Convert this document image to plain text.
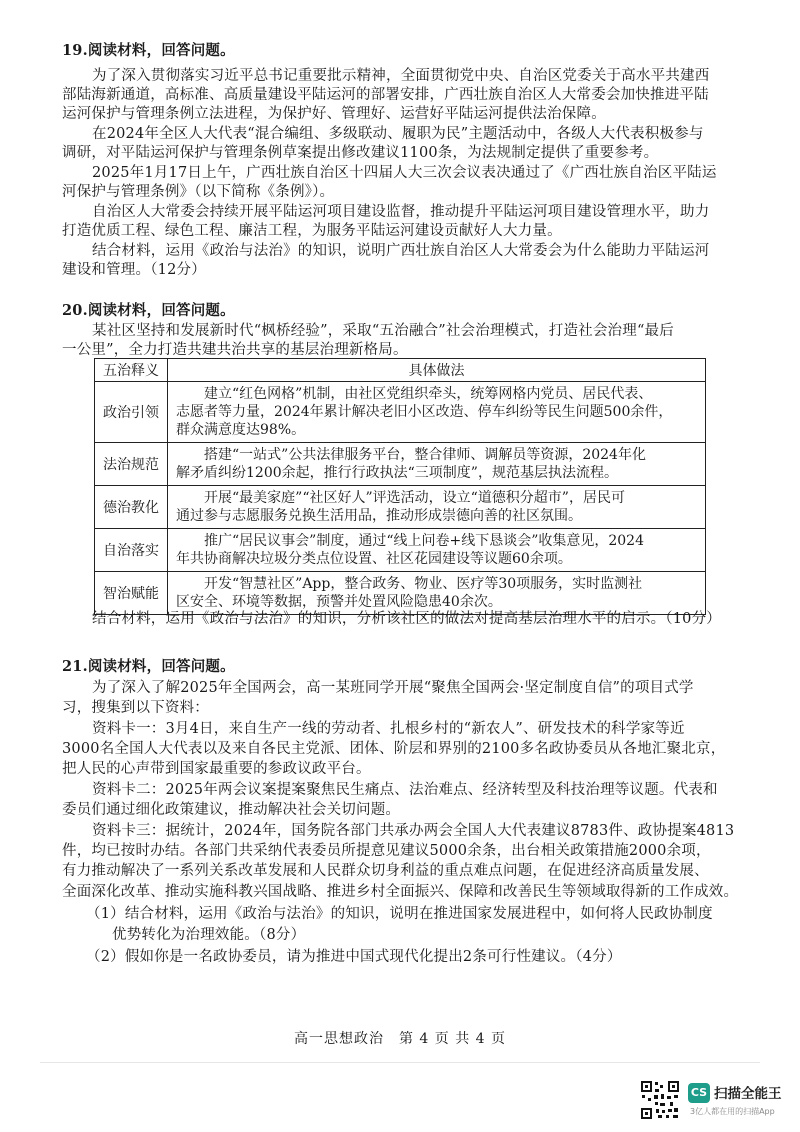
19.阅读材料，回答问题。
为了深入贯彻落实习近平总书记重要批示精神，全面贯彻党中央、自治区党委关于高水平共建西
部陆海新通道，高标准、高质量建设平陆运河的部署安排，广西壮族自治区人大常委会加快推进平陆
运河保护与管理条例立法进程，为保护好、管理好、运营好平陆运河提供法治保障。
在2024年全区人大代表“混合编组、多级联动、履职为民”主题活动中，各级人大代表积极参与
调研，对平陆运河保护与管理条例草案提出修改建议1100条，为法规制定提供了重要参考。
2025年1月17日上午，广西壮族自治区十四届人大三次会议表决通过了《广西壮族自治区平陆运
河保护与管理条例》（以下简称《条例》）。
自治区人大常委会持续开展平陆运河项目建设监督，推动提升平陆运河项目建设管理水平，助力
打造优质工程、绿色工程、廉洁工程，为服务平陆运河建设贡献好人大力量。
结合材料，运用《政治与法治》的知识，说明广西壮族自治区人大常委会为什么能助力平陆运河
建设和管理。（12分）
20.阅读材料，回答问题。
某社区坚持和发展新时代“枫桥经验”，采取“五治融合”社会治理模式，打造社会治理“最后
一公里”，全力打造共建共治共享的基层治理新格局。
五治释义	具体做法
政治引领	建立“红色网格”机制，由社区党组织牵头，统筹网格内党员、居民代表、
志愿者等力量，2024年累计解决老旧小区改造、停车纠纷等民生问题500余件，
群众满意度达98%。

法治规范	搭建“一站式”公共法律服务平台，整合律师、调解员等资源，2024年化
解矛盾纠纷1200余起，推行行政执法“三项制度”，规范基层执法流程。

德治教化	开展“最美家庭”“社区好人”评选活动，设立“道德积分超市”，居民可
通过参与志愿服务兑换生活用品，推动形成崇德向善的社区氛围。

自治落实	推广“居民议事会”制度，通过“线上问卷+线下恳谈会”收集意见，2024
年共协商解决垃圾分类点位设置、社区花园建设等议题60余项。

智治赋能	开发“智慧社区”App，整合政务、物业、医疗等30项服务，实时监测社
区安全、环境等数据，预警并处置风险隐患40余次。
结合材料，运用《政治与法治》的知识，分析该社区的做法对提高基层治理水平的启示。（10分）
21.阅读材料，回答问题。
为了深入了解2025年全国两会，高一某班同学开展“聚焦全国两会·坚定制度自信”的项目式学
习，搜集到以下资料：
资料卡一：3月4日，来自生产一线的劳动者、扎根乡村的“新农人”、研发技术的科学家等近
3000名全国人大代表以及来自各民主党派、团体、阶层和界别的2100多名政协委员从各地汇聚北京，
把人民的心声带到国家最重要的参政议政平台。
资料卡二：2025年两会议案提案聚焦民生痛点、法治难点、经济转型及科技治理等议题。代表和
委员们通过细化政策建议，推动解决社会关切问题。
资料卡三：据统计，2024年，国务院各部门共承办两会全国人大代表建议8783件、政协提案4813
件，均已按时办结。各部门共采纳代表委员所提意见建议5000余条，出台相关政策措施2000余项，
有力推动解决了一系列关系改革发展和人民群众切身利益的重点难点问题，在促进经济高质量发展、
全面深化改革、推动实施科教兴国战略、推进乡村全面振兴、保障和改善民生等领域取得新的工作成效。
（1）结合材料，运用《政治与法治》的知识，说明在推进国家发展进程中，如何将人民政协制度
优势转化为治理效能。（8分）
（2）假如你是一名政协委员，请为推进中国式现代化提出2条可行性建议。（4分）
高一思想政治　第 4 页 共 4 页
CS 扫描全能王
3亿人都在用的扫描App
